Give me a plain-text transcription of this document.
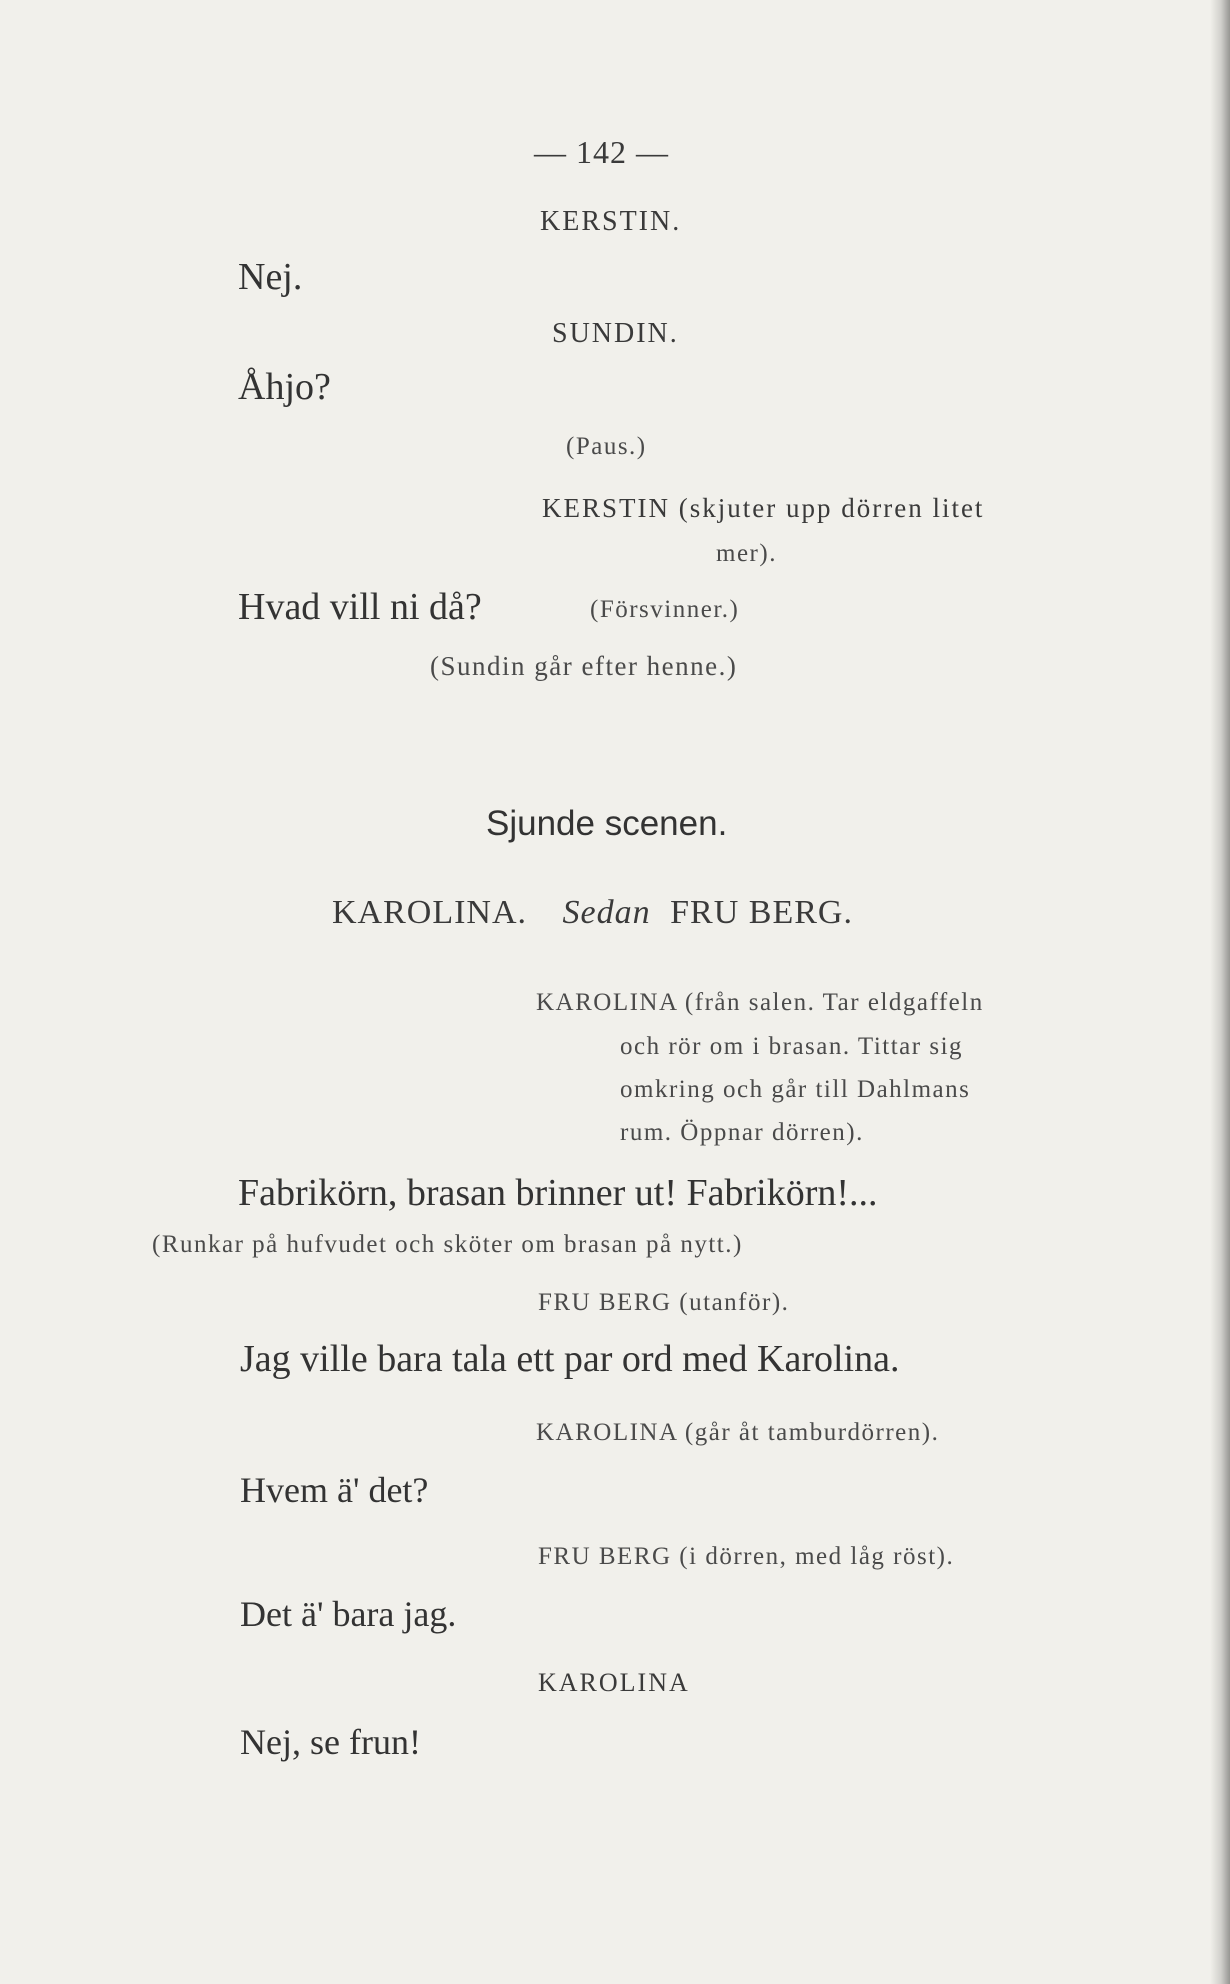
— 142 —
KERSTIN.
Nej.
SUNDIN.
Åhjo?
(Paus.)
KERSTIN (skjuter upp dörren litet
mer).
Hvad vill ni då?	(Försvinner.)
(Sundin går efter henne.)
Sjunde scenen.
KAROLINA. Sedan FRU BERG.
KAROLINA (från salen. Tar eldgaffeln
och rör om i brasan. Tittar sig
omkring och går till Dahlmans
rum. Öppnar dörren).
Fabrikörn, brasan brinner ut! Fabrikörn!...
(Runkar på hufvudet och sköter om brasan på nytt.)
FRU BERG (utanför).
Jag ville bara tala ett par ord med Karolina.
KAROLINA (går åt tamburdörren).
Hvem ä' det?
FRU BERG (i dörren, med låg röst).
Det ä' bara jag.
KAROLINA
Nej, se frun!
